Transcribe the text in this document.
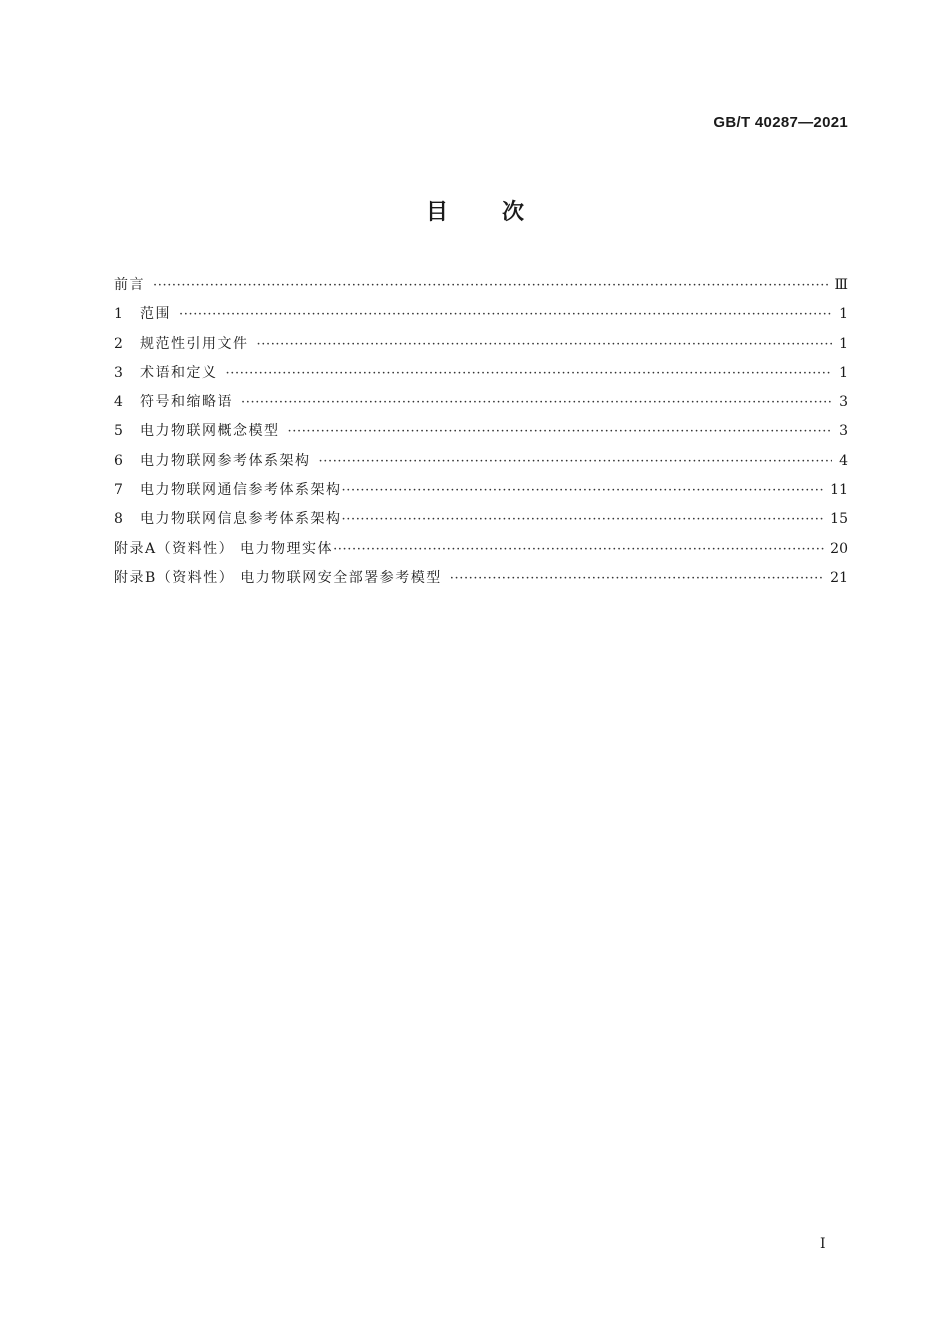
GB/T 40287—2021
目次
前言 ·····	Ⅲ
1	范围 ·····	1
2	规范性引用文件 ·····	1
3	术语和定义 ·····	1
4	符号和缩略语 ·····	3
5	电力物联网概念模型 ·····	3
6	电力物联网参考体系架构 ·····	4
7	电力物联网通信参考体系架构 ·····	11
8	电力物联网信息参考体系架构 ·····	15
附录A（资料性） 电力物理实体 ·····	20
附录B（资料性） 电力物联网安全部署参考模型 ·····	21
I
